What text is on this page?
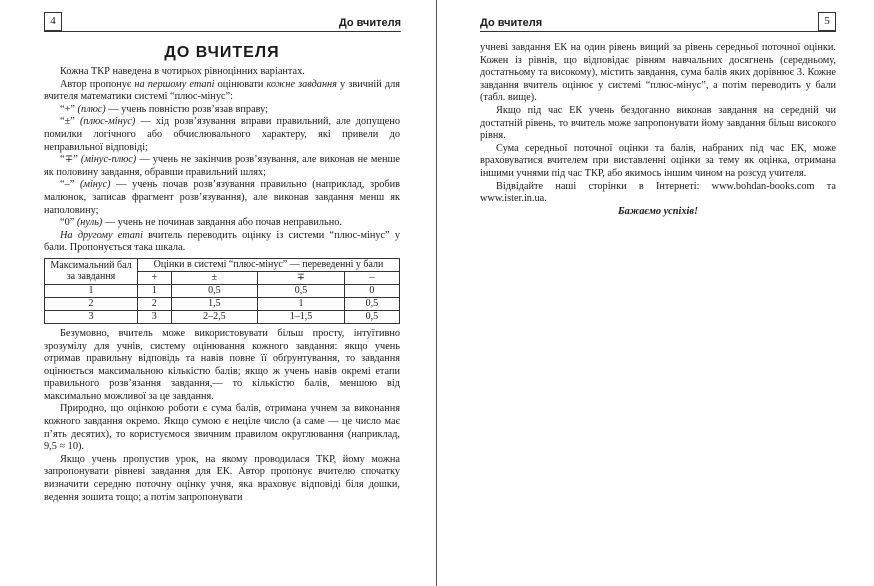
4	До вчителя
ДО ВЧИТЕЛЯ

Кожна ТКР наведена в чотирьох рівноцінних варіантах.

Автор пропонує на першому етапі оцінювати кожне завдання у звичній для вчителя математики системі “плюс-мінус”:

“+” (плюс) — учень повністю розв’язав вправу;

“±” (плюс-мінус) — хід розв’язування вправи правильний, але допущено помилки логічного або обчислювального характеру, які привели до неправильної відповіді;

“∓” (мінус-плюс) — учень не закінчив розв’язування, але виконав не менше як половину завдання, обравши правильний шлях;

“–” (мінус) — учень почав розв’язування правильно (наприклад, зробив малюнок, записав фрагмент розв’язування), але виконав завдання менш як наполовину;

“0” (нуль) — учень не починав завдання або почав неправильно.

На другому етапі вчитель переводить оцінку із системи “плюс-мінус” у бали. Пропонується така шкала.

Максимальний бал за завдання	Оцінки в системі “плюс-мінус” — переведенні у бали			
	+	±	∓	–
1	1	0,5	0,5	0
2	2	1,5	1	0,5
3	3	2–2,5	1–1,5	0,5

Безумовно, вчитель може використовувати більш просту, інтуїтивно зрозумілу для учнів, систему оцінювання кожного завдання: якщо учень отримав правильну відповідь та навів повне її обґрунтування, то завдання оцінюється максимальною кількістю балів; якщо ж учень навів окремі етапи правильного розв’язання завдання,— то кількістю балів, меншою від максимально можливої за це завдання.

Природно, що оцінкою роботи є сума балів, отримана учнем за виконання кожного завдання окремо. Якщо сумою є неціле число (а саме — це число має п’ять десятих), то користуємося звичним правилом округлювання (наприклад, 9,5 ≈ 10).

Якщо учень пропустив урок, на якому проводилася ТКР, йому можна запропонувати рівневі завдання для ЕК. Автор пропонує вчителю спочатку визначити середню поточну оцінку учня, яка враховує відповіді біля дошки, ведення зошита тощо; а потім запропонувати

До вчителя	5

учневі завдання ЕК на один рівень вищий за рівень середньої поточної оцінки. Кожен із рівнів, що відповідає рівням навчальних досягнень (середньому, достатньому та високому), містить завдання, сума балів яких дорівнює 3. Кожне завдання вчитель оцінює у системі “плюс-мінус”, а потім переводить у бали (табл. вище).

Якщо під час ЕК учень бездоганно виконав завдання на середній чи достатній рівень, то вчитель може запропонувати йому завдання більш високого рівня.

Сума середньої поточної оцінки та балів, набраних під час ЕК, може враховуватися вчителем при виставленні оцінки за тему як оцінка, отримана іншими учнями під час ТКР, або якимось іншим чином на розсуд учителя.

Відвідайте наші сторінки в Інтернеті: www.bohdan-books.com та www.ister.in.ua.

Бажаємо успіхів!
